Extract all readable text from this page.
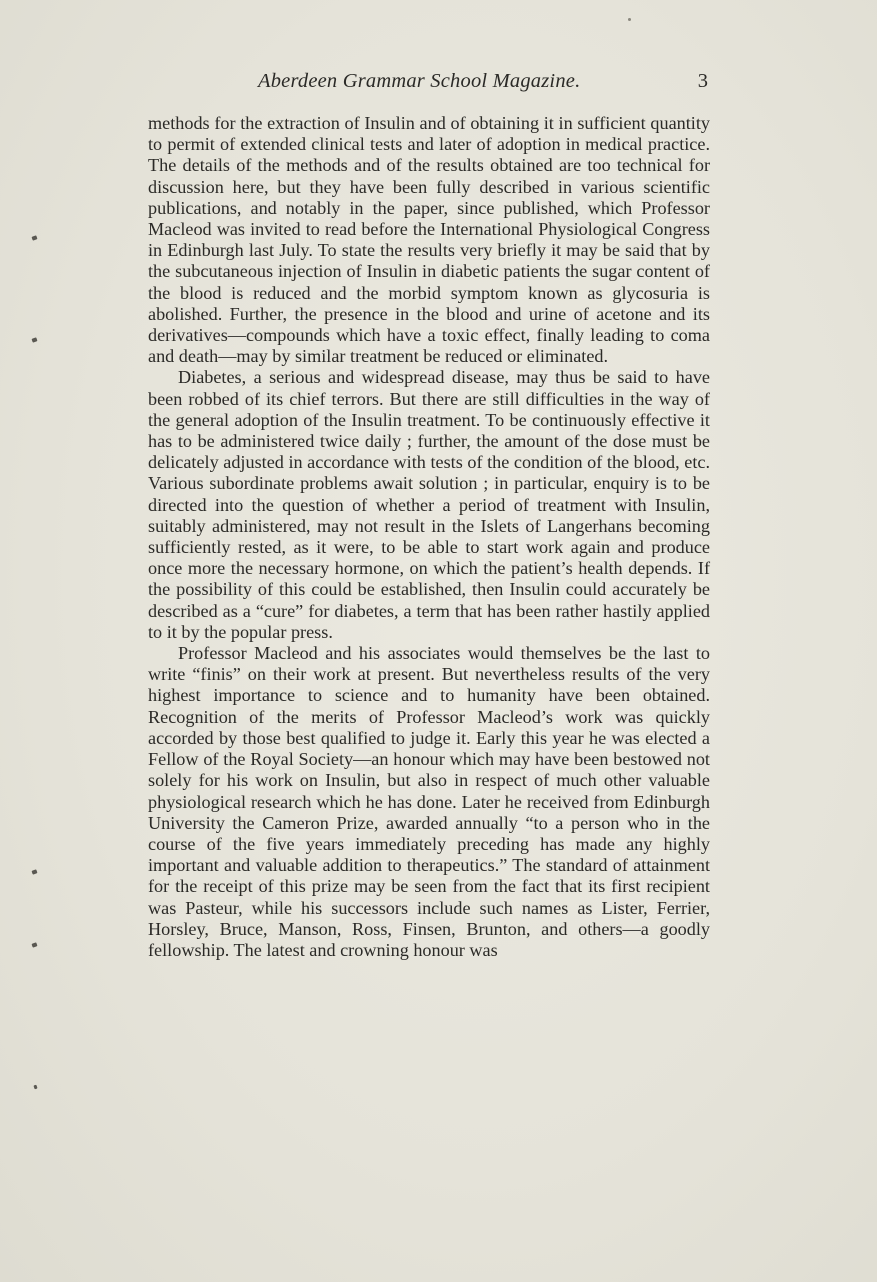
Aberdeen Grammar School Magazine.	3

methods for the extraction of Insulin and of obtaining it in sufficient quantity to permit of extended clinical tests and later of adoption in medical practice. The details of the methods and of the results obtained are too technical for discussion here, but they have been fully described in various scientific publications, and notably in the paper, since published, which Professor Macleod was invited to read before the International Physiological Congress in Edinburgh last July. To state the results very briefly it may be said that by the subcutaneous injection of Insulin in diabetic patients the sugar content of the blood is reduced and the morbid symptom known as glycosuria is abolished. Further, the presence in the blood and urine of acetone and its derivatives—compounds which have a toxic effect, finally leading to coma and death—may by similar treatment be reduced or eliminated.

Diabetes, a serious and widespread disease, may thus be said to have been robbed of its chief terrors. But there are still difficulties in the way of the general adoption of the Insulin treatment. To be continuously effective it has to be administered twice daily ; further, the amount of the dose must be delicately adjusted in accordance with tests of the condition of the blood, etc. Various subordinate problems await solution ; in particular, enquiry is to be directed into the question of whether a period of treatment with Insulin, suitably administered, may not result in the Islets of Langerhans becoming sufficiently rested, as it were, to be able to start work again and produce once more the necessary hormone, on which the patient’s health depends. If the possibility of this could be established, then Insulin could accurately be described as a “cure” for diabetes, a term that has been rather hastily applied to it by the popular press.

Professor Macleod and his associates would themselves be the last to write “finis” on their work at present. But nevertheless results of the very highest importance to science and to humanity have been obtained. Recognition of the merits of Professor Macleod’s work was quickly accorded by those best qualified to judge it. Early this year he was elected a Fellow of the Royal Society—an honour which may have been bestowed not solely for his work on Insulin, but also in respect of much other valuable physiological research which he has done. Later he received from Edinburgh University the Cameron Prize, awarded annually “to a person who in the course of the five years immediately preceding has made any highly important and valuable addition to therapeutics.” The standard of attainment for the receipt of this prize may be seen from the fact that its first recipient was Pasteur, while his successors include such names as Lister, Ferrier, Horsley, Bruce, Manson, Ross, Finsen, Brunton, and others—a goodly fellowship. The latest and crowning honour was
